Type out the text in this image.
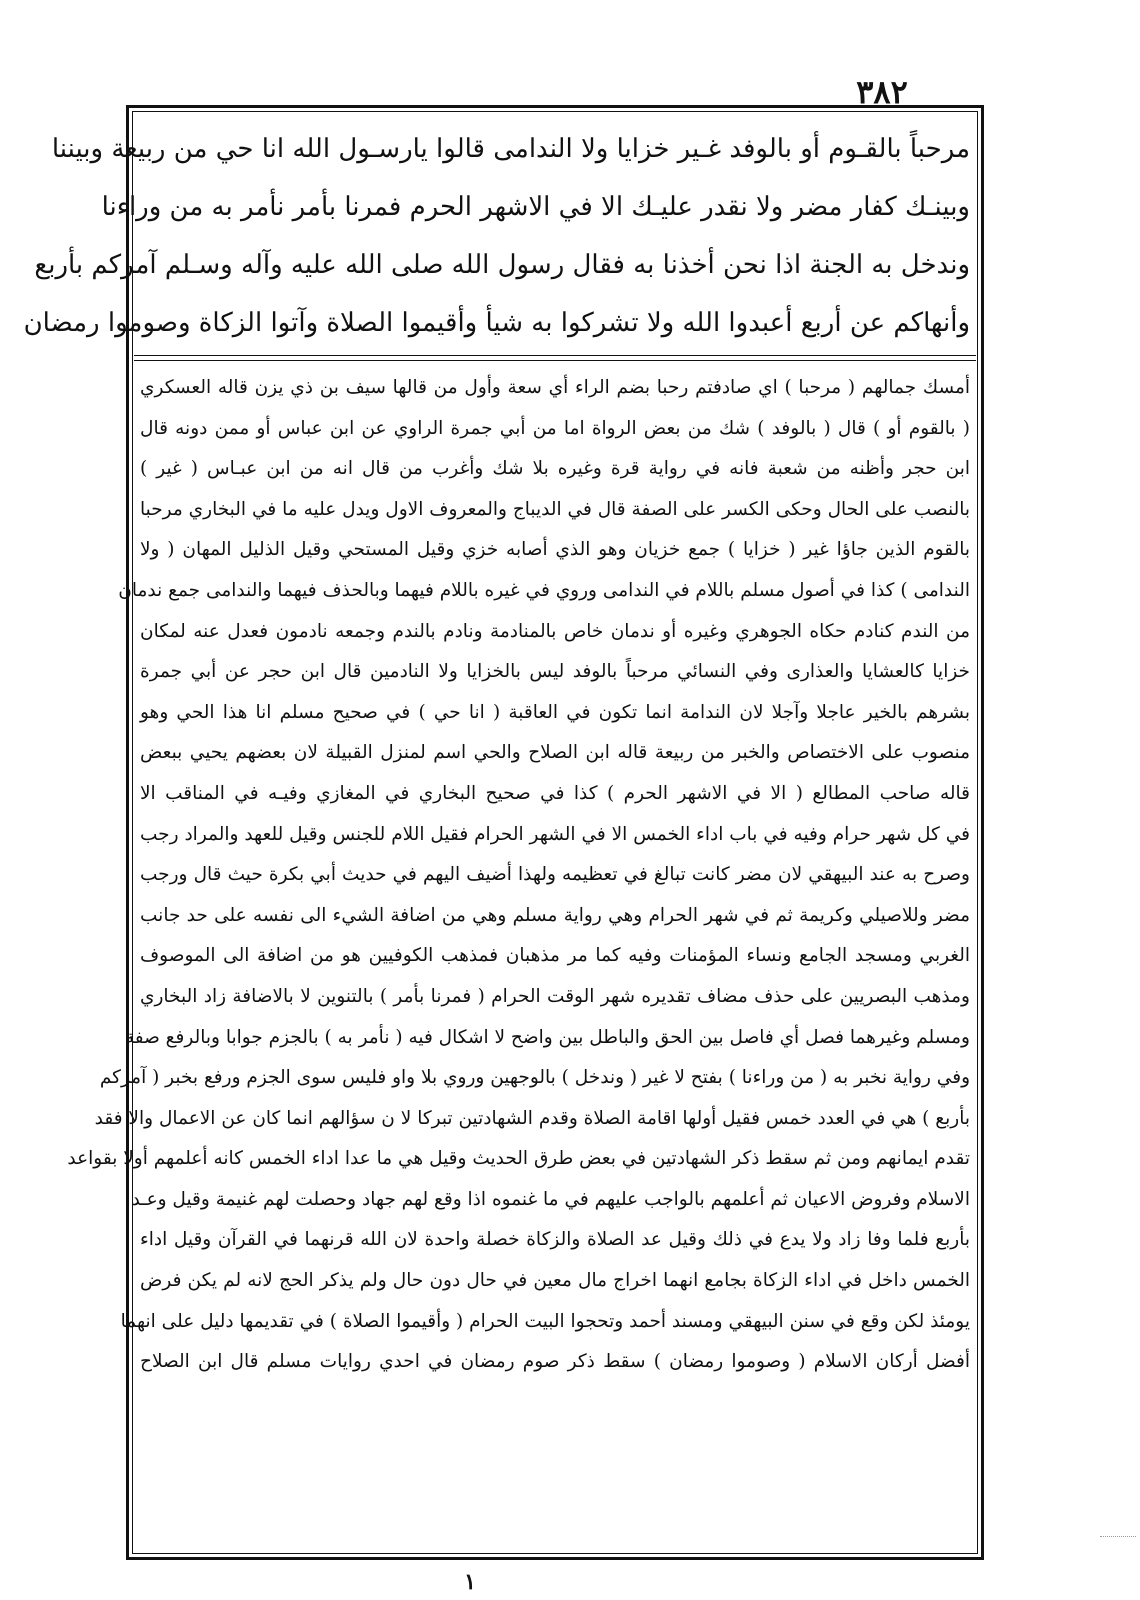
٣٨٢
مرحباً بالقـوم أو بالوفد غـير خزايا ولا الندامى قالوا يارسـول الله انا حي من ربيعة وبيننا
وبينـك كفار مضر ولا نقدر عليـك الا في الاشهر الحرم فمرنا بأمر نأمر به من وراءنا
وندخل به الجنة اذا نحن أخذنا به فقال رسول الله صلى الله عليه وآله وسـلم آمركم بأربع
وأنهاكم عن أربع أعبدوا الله ولا تشركوا به شيأ وأقيموا الصلاة وآتوا الزكاة وصوموا رمضان
أمسك جمالهم ( مرحبا ) اي صادفتم رحبا بضم الراء أي سعة وأول من قالها سيف بن ذي يزن قاله العسكري
( بالقوم أو ) قال ( بالوفد ) شك من بعض الرواة اما من أبي جمرة الراوي عن ابن عباس أو ممن دونه قال
ابن حجر وأظنه من شعبة فانه في رواية قرة وغيره بلا شك وأغرب من قال انه من ابن عبـاس ( غير )
بالنصب على الحال وحكى الكسر على الصفة قال في الديباج والمعروف الاول ويدل عليه ما في البخاري مرحبا
بالقوم الذين جاؤا غير ( خزايا ) جمع خزيان وهو الذي أصابه خزي وقيل المستحي وقيل الذليل المهان ( ولا
الندامى ) كذا في أصول مسلم باللام في الندامى وروي في غيره باللام فيهما وبالحذف فيهما والندامى جمع ندمان
من الندم كنادم حكاه الجوهري وغيره أو ندمان خاص بالمنادمة ونادم بالندم وجمعه نادمون فعدل عنه لمكان
خزايا كالعشايا والعذارى وفي النسائي مرحباً بالوفد ليس بالخزايا ولا النادمين قال ابن حجر عن أبي جمرة
بشرهم بالخير عاجلا وآجلا لان الندامة انما تكون في العاقبة ( انا حي ) في صحيح مسلم انا هذا الحي وهو
منصوب على الاختصاص والخبر من ربيعة قاله ابن الصلاح والحي اسم لمنزل القبيلة لان بعضهم يحيي ببعض
قاله صاحب المطالع ( الا في الاشهر الحرم ) كذا في صحيح البخاري في المغازي وفيـه في المناقب الا
في كل شهر حرام وفيه في باب اداء الخمس الا في الشهر الحرام فقيل اللام للجنس وقيل للعهد والمراد رجب
وصرح به عند البيهقي لان مضر كانت تبالغ في تعظيمه ولهذا أضيف اليهم في حديث أبي بكرة حيث قال ورجب
مضر وللاصيلي وكريمة ثم في شهر الحرام وهي رواية مسلم وهي من اضافة الشيء الى نفسه على حد جانب
الغربي ومسجد الجامع ونساء المؤمنات وفيه كما مر مذهبان فمذهب الكوفيين هو من اضافة الى الموصوف
ومذهب البصريين على حذف مضاف تقديره شهر الوقت الحرام ( فمرنا بأمر ) بالتنوين لا بالاضافة زاد البخاري
ومسلم وغيرهما فصل أي فاصل بين الحق والباطل بين واضح لا اشكال فيه ( نأمر به ) بالجزم جوابا وبالرفع صفة
وفي رواية نخبر به ( من وراءنا ) بفتح لا غير ( وندخل ) بالوجهين وروي بلا واو فليس سوى الجزم ورفع بخبر ( آمركم
بأربع ) هي في العدد خمس فقيل أولها اقامة الصلاة وقدم الشهادتين تبركا لا ن سؤالهم انما كان عن الاعمال والا فقد
تقدم ايمانهم ومن ثم سقط ذكر الشهادتين في بعض طرق الحديث وقيل هي ما عدا اداء الخمس كانه أعلمهم أولا بقواعد
الاسلام وفروض الاعيان ثم أعلمهم بالواجب عليهم في ما غنموه اذا وقع لهم جهاد وحصلت لهم غنيمة وقيل وعـد
بأربع فلما وفا زاد ولا يدع في ذلك وقيل عد الصلاة والزكاة خصلة واحدة لان الله قرنهما في القرآن وقيل اداء
الخمس داخل في اداء الزكاة بجامع انهما اخراج مال معين في حال دون حال ولم يذكر الحج لانه لم يكن فرض
يومئذ لكن وقع في سنن البيهقي ومسند أحمد وتحجوا البيت الحرام ( وأقيموا الصلاة ) في تقديمها دليل على انهما
أفضل أركان الاسلام ( وصوموا رمضان ) سقط ذكر صوم رمضان في احدي روايات مسلم قال ابن الصلاح
١
